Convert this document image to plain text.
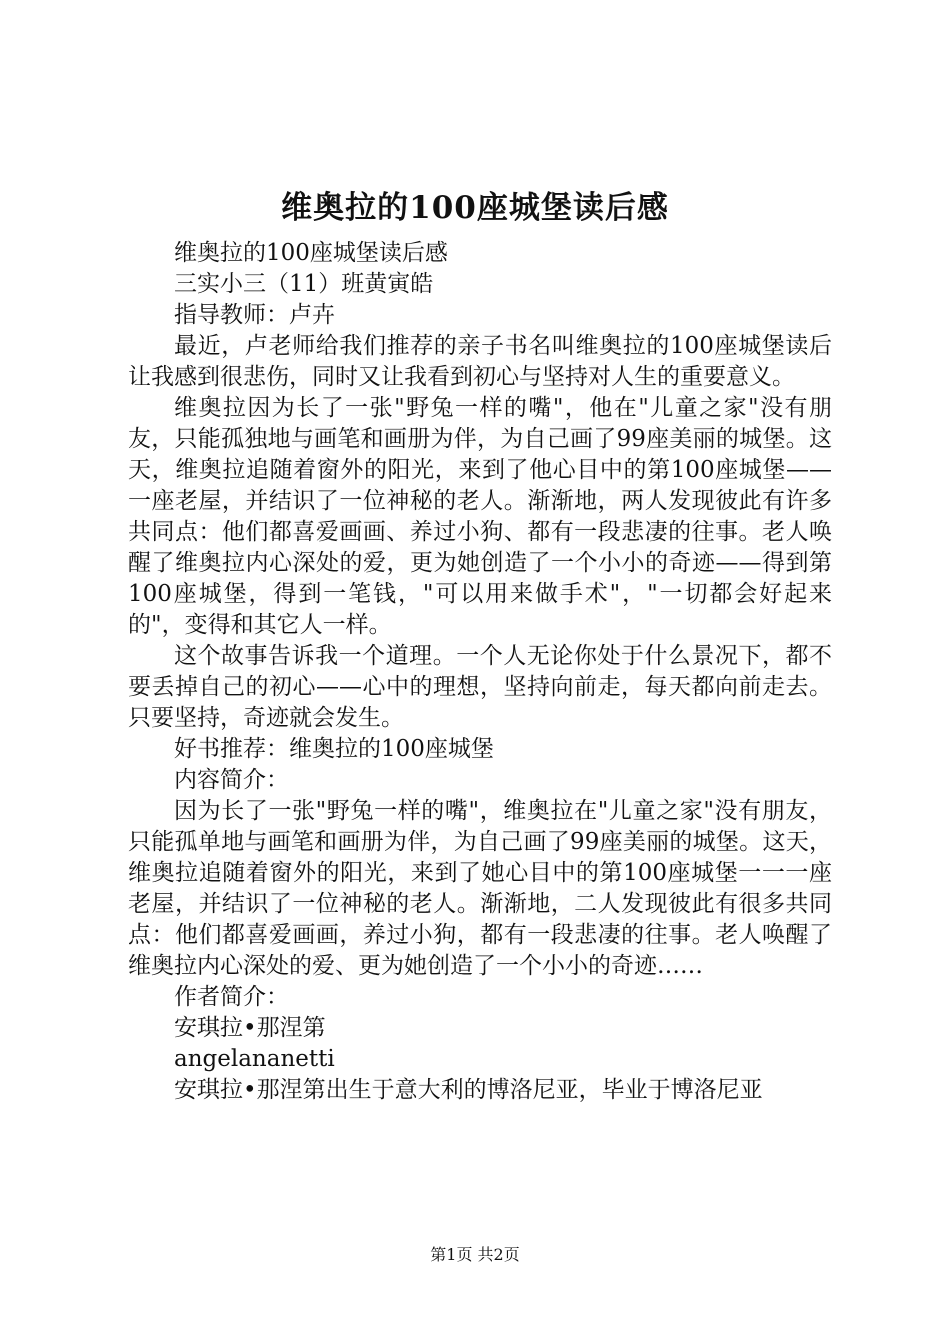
维奥拉的100座城堡读后感

维奥拉的100座城堡读后感

三实小三（11）班黄寅皓

指导教师：卢卉

最近，卢老师给我们推荐的亲子书名叫维奥拉的100座城堡读后让我感到很悲伤，同时又让我看到初心与坚持对人生的重要意义。

维奥拉因为长了一张"野兔一样的嘴"，他在"儿童之家"没有朋友，只能孤独地与画笔和画册为伴，为自己画了99座美丽的城堡。这天，维奥拉追随着窗外的阳光，来到了他心目中的第100座城堡——一座老屋，并结识了一位神秘的老人。渐渐地，两人发现彼此有许多共同点：他们都喜爱画画、养过小狗、都有一段悲凄的往事。老人唤醒了维奥拉内心深处的爱，更为她创造了一个小小的奇迹——得到第100座城堡，得到一笔钱，"可以用来做手术"，"一切都会好起来的"，变得和其它人一样。

这个故事告诉我一个道理。一个人无论你处于什么景况下，都不要丢掉自己的初心——心中的理想，坚持向前走，每天都向前走去。只要坚持，奇迹就会发生。

好书推荐：维奥拉的100座城堡

内容简介：

因为长了一张"野兔一样的嘴"，维奥拉在"儿童之家"没有朋友，只能孤单地与画笔和画册为伴，为自己画了99座美丽的城堡。这天，维奥拉追随着窗外的阳光，来到了她心目中的第100座城堡一一一座老屋，并结识了一位神秘的老人。渐渐地，二人发现彼此有很多共同点：他们都喜爱画画，养过小狗，都有一段悲凄的往事。老人唤醒了维奥拉内心深处的爱、更为她创造了一个小小的奇迹……

作者简介：

安琪拉•那涅第

angelananetti

安琪拉•那涅第出生于意大利的博洛尼亚，毕业于博洛尼亚

第1页 共2页
